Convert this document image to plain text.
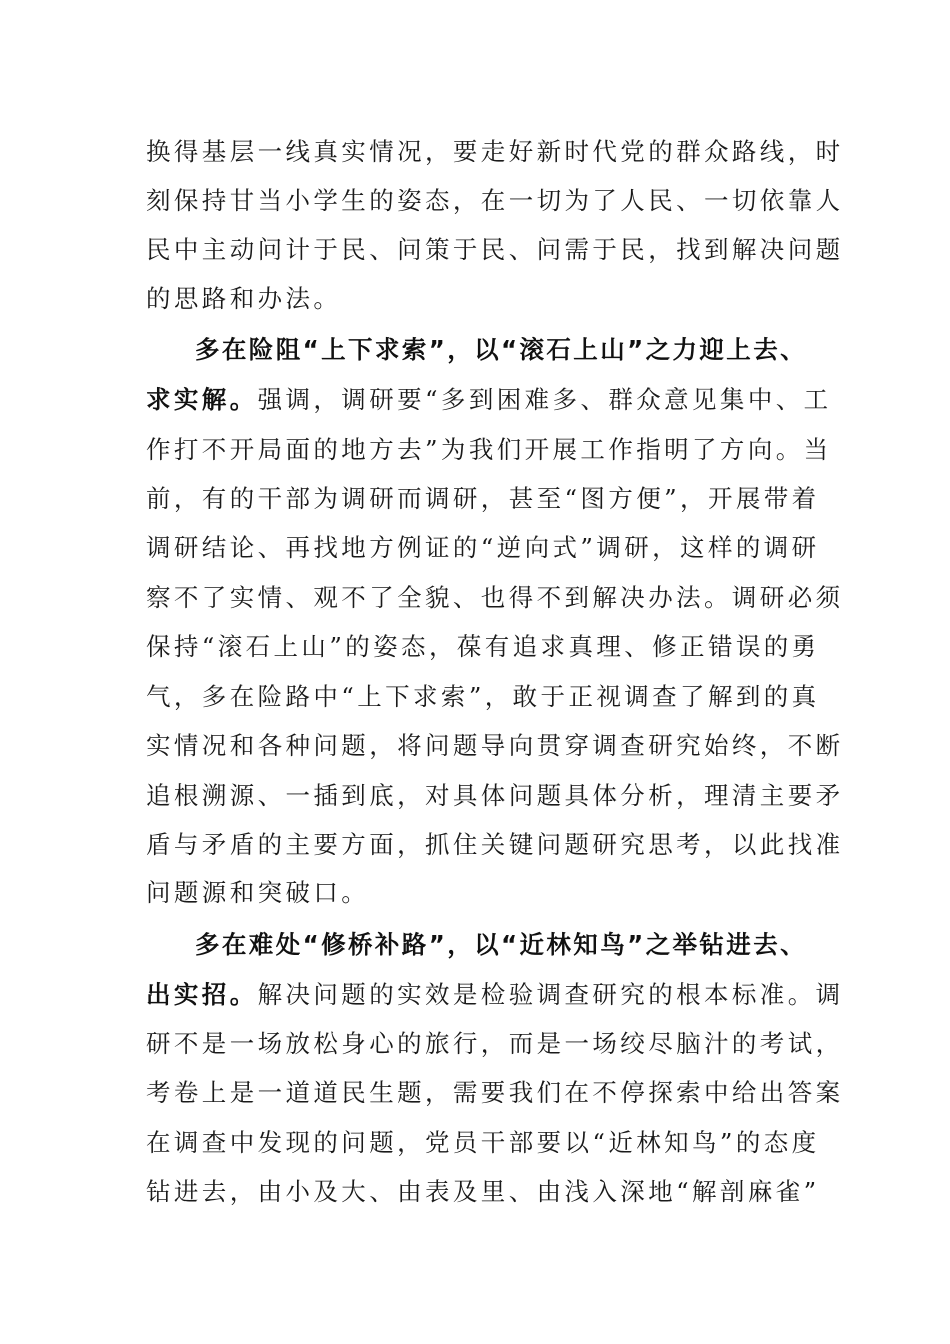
换得基层一线真实情况，要走好新时代党的群众路线，时
刻保持甘当小学生的姿态，在一切为了人民、一切依靠人
民中主动问计于民、问策于民、问需于民，找到解决问题
的思路和办法。
多在险阻“上下求索”，以“滚石上山”之力迎上去、
求实解。强调，调研要“多到困难多、群众意见集中、工
作打不开局面的地方去”为我们开展工作指明了方向。当
前，有的干部为调研而调研，甚至“图方便”，开展带着
调研结论、再找地方例证的“逆向式”调研，这样的调研
察不了实情、观不了全貌、也得不到解决办法。调研必须
保持“滚石上山”的姿态，葆有追求真理、修正错误的勇
气，多在险路中“上下求索”，敢于正视调查了解到的真
实情况和各种问题，将问题导向贯穿调查研究始终，不断
追根溯源、一插到底，对具体问题具体分析，理清主要矛
盾与矛盾的主要方面，抓住关键问题研究思考，以此找准
问题源和突破口。
多在难处“修桥补路”，以“近林知鸟”之举钻进去、
出实招。解决问题的实效是检验调查研究的根本标准。调
研不是一场放松身心的旅行，而是一场绞尽脑汁的考试，
考卷上是一道道民生题，需要我们在不停探索中给出答案
在调查中发现的问题，党员干部要以“近林知鸟”的态度
钻进去，由小及大、由表及里、由浅入深地“解剖麻雀”
